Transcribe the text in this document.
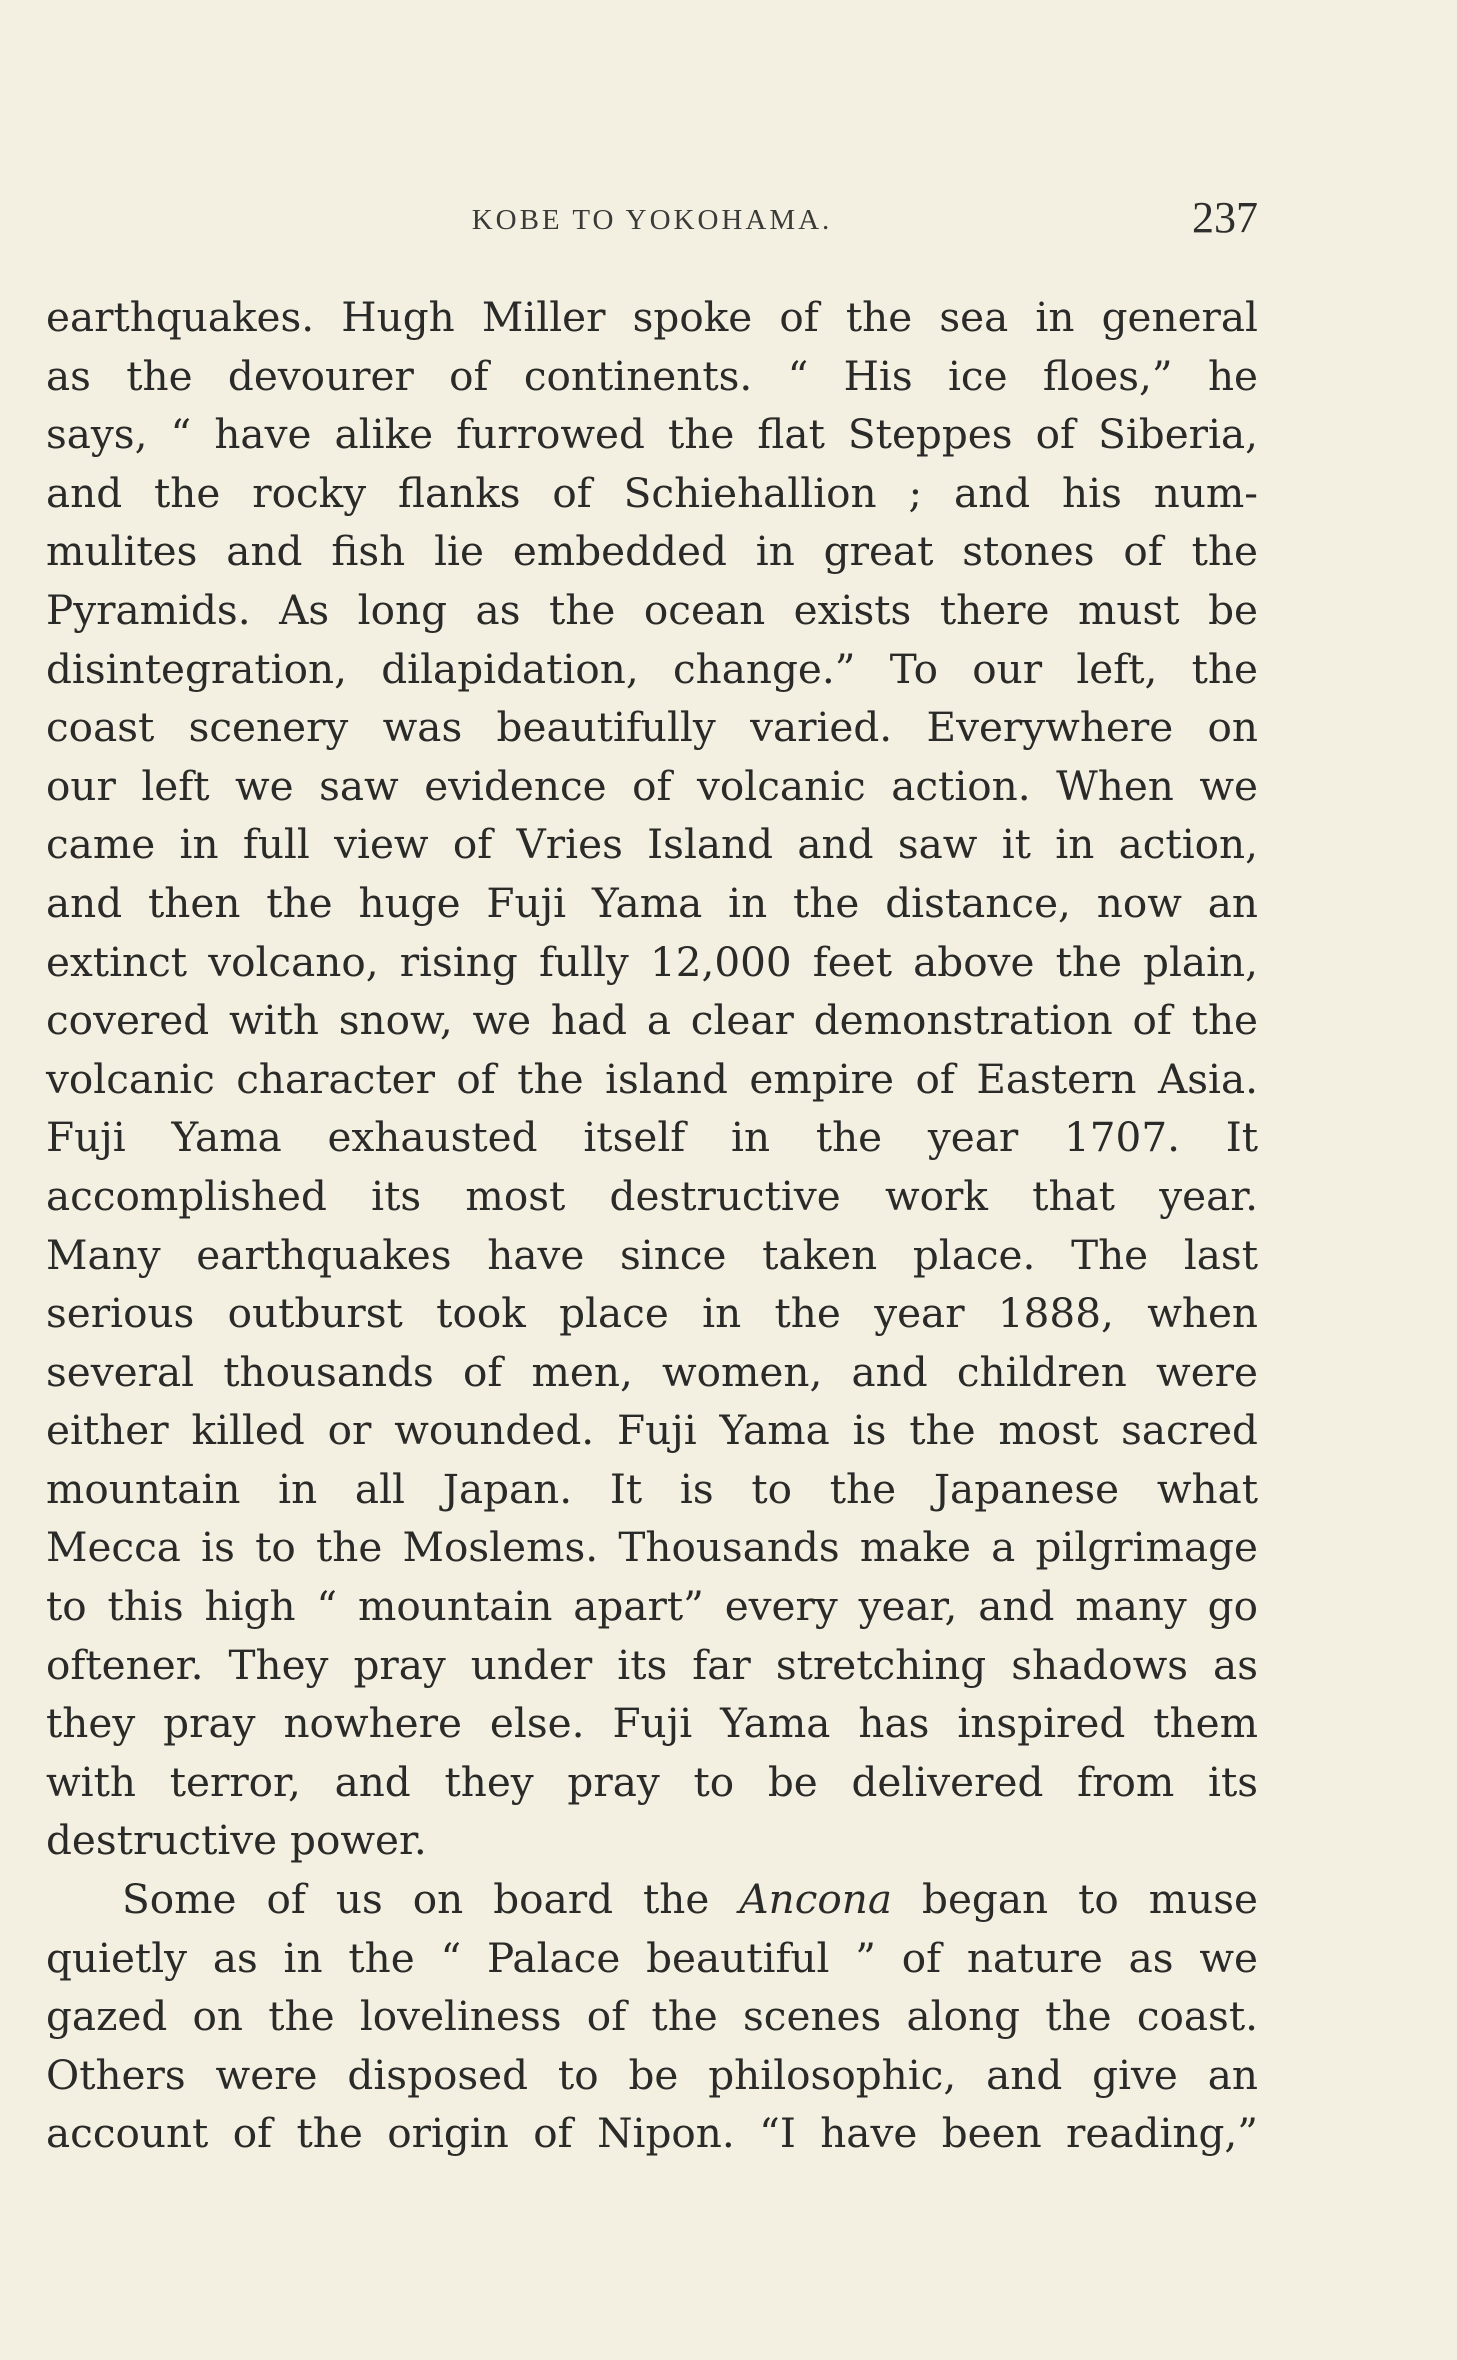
KOBE TO YOKOHAMA.	237
earthquakes. Hugh Miller spoke of the sea in general
as the devourer of continents. “ His ice floes,” he
says, “ have alike furrowed the flat Steppes of Siberia,
and the rocky flanks of Schiehallion ; and his num-
mulites and fish lie embedded in great stones of the
Pyramids. As long as the ocean exists there must be
disintegration, dilapidation, change.” To our left, the
coast scenery was beautifully varied. Everywhere on
our left we saw evidence of volcanic action. When we
came in full view of Vries Island and saw it in action,
and then the huge Fuji Yama in the distance, now an
extinct volcano, rising fully 12,000 feet above the plain,
covered with snow, we had a clear demonstration of the
volcanic character of the island empire of Eastern Asia.
Fuji Yama exhausted itself in the year 1707. It
accomplished its most destructive work that year.
Many earthquakes have since taken place. The last
serious outburst took place in the year 1888, when
several thousands of men, women, and children were
either killed or wounded. Fuji Yama is the most sacred
mountain in all Japan. It is to the Japanese what
Mecca is to the Moslems. Thousands make a pilgrimage
to this high “ mountain apart” every year, and many go
oftener. They pray under its far stretching shadows as
they pray nowhere else. Fuji Yama has inspired them
with terror, and they pray to be delivered from its
destructive power.
Some of us on board the Ancona began to muse
quietly as in the “ Palace beautiful ” of nature as we
gazed on the loveliness of the scenes along the coast.
Others were disposed to be philosophic, and give an
account of the origin of Nipon. “I have been reading,”
